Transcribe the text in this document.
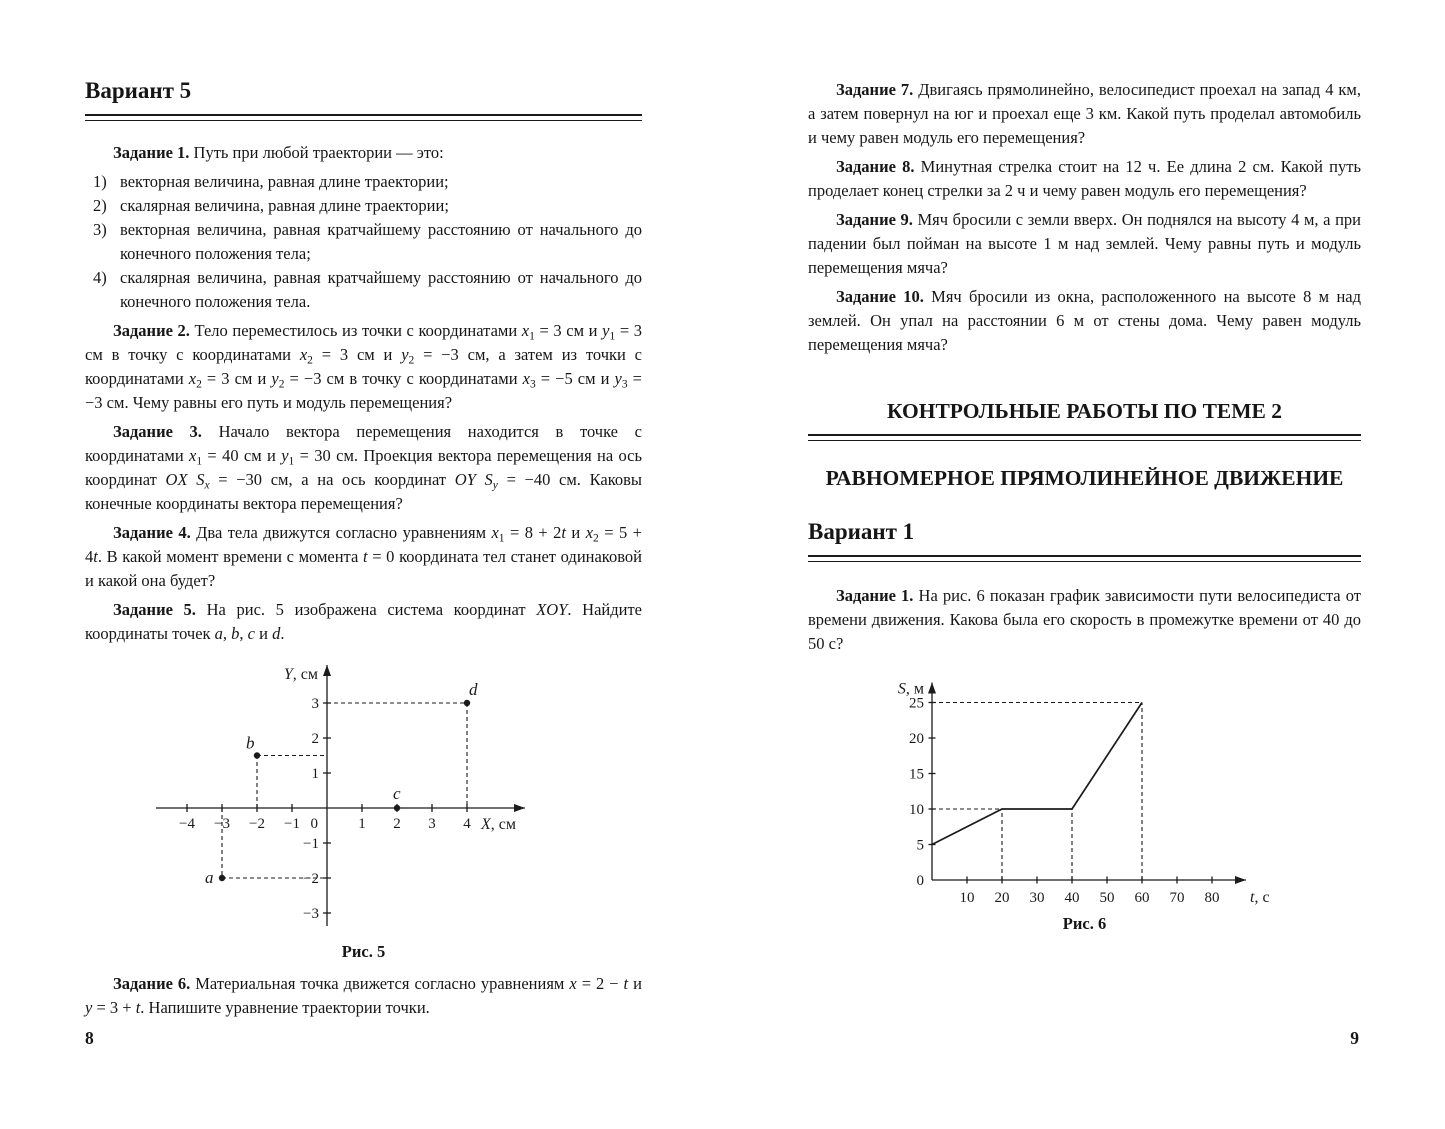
Вариант 5

Задание 1. Путь при любой траектории — это:

1) векторная величина, равная длине траектории;
2) скалярная величина, равная длине траектории;
3) векторная величина, равная кратчайшему расстоянию от начального до конечного положения тела;
4) скалярная величина, равная кратчайшему расстоянию от начального до конечного положения тела.

Задание 2. Тело переместилось из точки с координатами $x_1 = 3$ см и $y_1 = 3$ см в точку с координатами $x_2 = 3$ см и $y_2 = -3$ см, а затем из точки с координатами $x_2 = 3$ см и $y_2 = -3$ см в точку с координатами $x_3 = -5$ см и $y_3 = -3$ см. Чему равны его путь и модуль перемещения?

Задание 3. Начало вектора перемещения находится в точке с координатами $x_1 = 40$ см и $y_1 = 30$ см. Проекция вектора перемещения на ось координат OX $S_x = -30$ см, а на ось координат OY $S_y = -40$ см. Каковы конечные координаты вектора перемещения?

Задание 4. Два тела движутся согласно уравнениям $x_1 = 8 + 2t$ и $x_2 = 5 + 4t$. В какой момент времени с момента t = 0 координата тел станет одинаковой и какой она будет?

Задание 5. На рис. 5 изображена система координат XOY. Найдите координаты точек a, b, c и d.

−4 −3 −2 −1	1 2 3 4
−3
−2
−1
1
2
3
0
a
b
c
d
X, см
Y, см
Рис. 5

Задание 6. Материальная точка движется согласно уравнениям x = 2 − t и y = 3 + t. Напишите уравнение траектории точки.

8

Задание 7. Двигаясь прямолинейно, велосипедист проехал на запад 4 км, а затем повернул на юг и проехал еще 3 км. Какой путь проделал автомобиль и чему равен модуль его перемещения?

Задание 8. Минутная стрелка стоит на 12 ч. Ее длина 2 см. Какой путь проделает конец стрелки за 2 ч и чему равен модуль его перемещения?

Задание 9. Мяч бросили с земли вверх. Он поднялся на высоту 4 м, а при падении был пойман на высоте 1 м над землей. Чему равны путь и модуль перемещения мяча?

Задание 10. Мяч бросили из окна, расположенного на высоте 8 м над землей. Он упал на расстоянии 6 м от стены дома. Чему равен модуль перемещения мяча?

КОНТРОЛЬНЫЕ РАБОТЫ ПО ТЕМЕ 2
РАВНОМЕРНОЕ ПРЯМОЛИНЕЙНОЕ ДВИЖЕНИЕ
Вариант 1

Задание 1. На рис. 6 показан график зависимости пути велосипедиста от времени движения. Какова была его скорость в промежутке времени от 40 до 50 с?

10 20 30 40 50 60 70 80
5
10
15
20
25
0
t, с
S, м
Рис. 6
9
